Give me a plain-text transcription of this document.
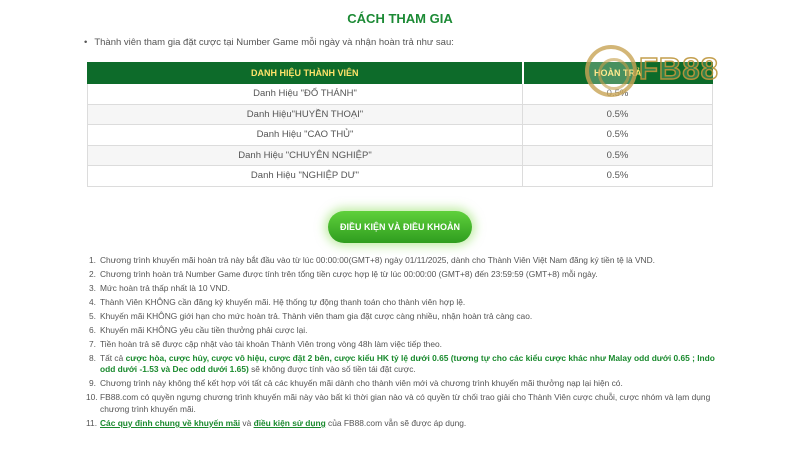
CÁCH THAM GIA
• Thành viên tham gia đặt cược tại Number Game mỗi ngày và nhận hoàn trả như sau:
DANH HIỆU THÀNH VIÊN	HOÀN TRẢ
Danh Hiệu "ĐỔ THÁNH"	0.5%
Danh Hiệu"HUYỀN THOẠI"	0.5%
Danh Hiệu "CAO THỦ"	0.5%
Danh Hiệu "CHUYÊN NGHIỆP"	0.5%
Danh Hiệu "NGHIỆP DƯ"	0.5%
FB88
ĐIỀU KIỆN VÀ ĐIỀU KHOẢN
Chương trình khuyến mãi hoàn trả này bắt đầu vào từ lúc 00:00:00(GMT+8) ngày 01/11/2025, dành cho Thành Viên Việt Nam đăng ký tiền tệ là VND.
Chương trình hoàn trả Number Game được tính trên tổng tiền cược hợp lệ từ lúc 00:00:00 (GMT+8) đến 23:59:59 (GMT+8) mỗi ngày.
Mức hoàn trả thấp nhất là 10 VND.
Thành Viên KHÔNG cần đăng ký khuyến mãi. Hệ thống tự động thanh toán cho thành viên hợp lệ.
Khuyến mãi KHÔNG giới hạn cho mức hoàn trả. Thành viên tham gia đặt cược càng nhiều, nhận hoàn trả càng cao.
Khuyến mãi KHÔNG yêu cầu tiền thưởng phải cược lại.
Tiền hoàn trả sẽ được cập nhật vào tài khoản Thành Viên trong vòng 48h làm việc tiếp theo.
Tất cả cược hòa, cược hủy, cược vô hiệu, cược đặt 2 bên, cược kiểu HK tỷ lệ dưới 0.65 (tương tự cho các kiểu cược khác như Malay odd dưới 0.65 ; Indo odd dưới -1.53 và Dec odd dưới 1.65) sẽ không được tính vào số tiền tái đặt cược.
Chương trình này không thể kết hợp với tất cả các khuyến mãi dành cho thành viên mới và chương trình khuyến mãi thưởng nạp lại hiện có.
FB88.com có quyền ngưng chương trình khuyến mãi này vào bất kì thời gian nào và có quyền từ chối trao giải cho Thành Viên cược chuỗi, cược nhóm và lạm dụng chương trình khuyến mãi.
Các quy định chung về khuyến mãi và điều kiện sử dụng của FB88.com vẫn sẽ được áp dụng.
